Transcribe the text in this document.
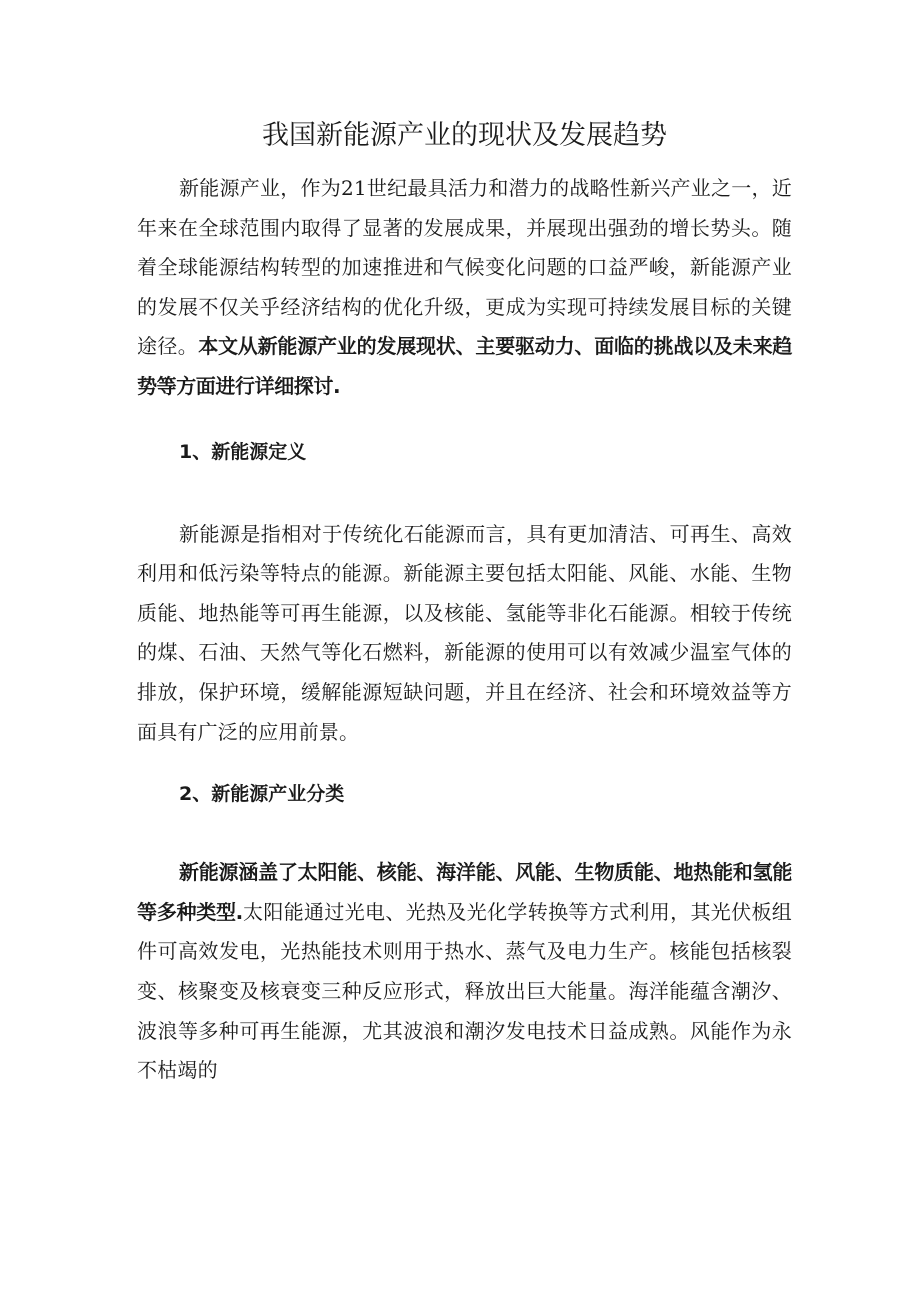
我国新能源产业的现状及发展趋势

新能源产业，作为21世纪最具活力和潜力的战略性新兴产业之一，近年来在全球范围内取得了显著的发展成果，并展现出强劲的增长势头。随着全球能源结构转型的加速推进和气候变化问题的口益严峻，新能源产业的发展不仅关乎经济结构的优化升级，更成为实现可持续发展目标的关键途径。本文从新能源产业的发展现状、主要驱动力、面临的挑战以及未来趋势等方面进行详细探讨.

1、新能源定义

新能源是指相对于传统化石能源而言，具有更加清洁、可再生、高效利用和低污染等特点的能源。新能源主要包括太阳能、风能、水能、生物质能、地热能等可再生能源，以及核能、氢能等非化石能源。相较于传统的煤、石油、天然气等化石燃料，新能源的使用可以有效减少温室气体的排放，保护环境，缓解能源短缺问题，并且在经济、社会和环境效益等方面具有广泛的应用前景。

2、新能源产业分类

新能源涵盖了太阳能、核能、海洋能、风能、生物质能、地热能和氢能等多种类型.太阳能通过光电、光热及光化学转换等方式利用，其光伏板组件可高效发电，光热能技术则用于热水、蒸气及电力生产。核能包括核裂变、核聚变及核衰变三种反应形式，释放出巨大能量。海洋能蕴含潮汐、波浪等多种可再生能源，尤其波浪和潮汐发电技术日益成熟。风能作为永不枯竭的
